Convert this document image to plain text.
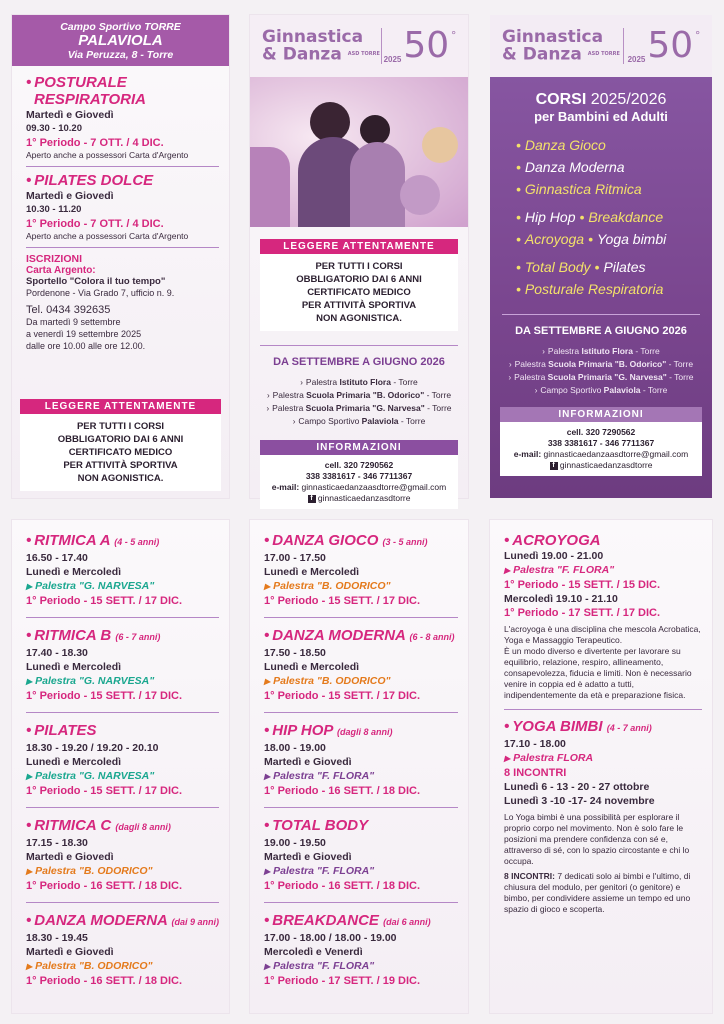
Campo Sportivo TORRE
PALAVIOLA
Via Peruzza, 8 - Torre
• POSTURALE
RESPIRATORIA
Martedì e Giovedì
09.30 - 10.20
1° Periodo - 7 OTT. / 4 DIC.
Aperto anche a possessori Carta d'Argento
• PILATES DOLCE
Martedì e Giovedì
10.30 - 11.20
1° Periodo - 7 OTT. / 4 DIC.
Aperto anche a possessori Carta d'Argento
ISCRIZIONI
Carta Argento:
Sportello "Colora il tuo tempo"
Pordenone - Via Grado 7, ufficio n. 9.
Tel. 0434 392635
Da martedì 9 settembre
a venerdì 19 settembre 2025
dalle ore 10.00 alle ore 12.00.
LEGGERE ATTENTAMENTE
PER TUTTI I CORSI
OBBLIGATORIO DAI 6 ANNI
CERTIFICATO MEDICO
PER ATTIVITÀ SPORTIVA
NON AGONISTICA.
Ginnastica
& Danza ASD TORRE
2025 50 °
LEGGERE ATTENTAMENTE
PER TUTTI I CORSI
OBBLIGATORIO DAI 6 ANNI
CERTIFICATO MEDICO
PER ATTIVITÀ SPORTIVA
NON AGONISTICA.
DA SETTEMBRE A GIUGNO 2026
› Palestra Istituto Flora - Torre
› Palestra Scuola Primaria "B. Odorico" - Torre
› Palestra Scuola Primaria "G. Narvesa" - Torre
› Campo Sportivo Palaviola - Torre
INFORMAZIONI
cell. 320 7290562
338 3381617 - 346 7711367
e-mail: ginnasticaedanzaasdtorre@gmail.com
f ginnasticaedanzasdtorre
Ginnastica
& Danza ASD TORRE
2025 50 °
CORSI 2025/2026
per Bambini ed Adulti
• Danza Gioco
• Danza Moderna
• Ginnastica Ritmica
• Hip Hop • Breakdance
• Acroyoga • Yoga bimbi
• Total Body • Pilates
• Posturale Respiratoria
DA SETTEMBRE A GIUGNO 2026
› Palestra Istituto Flora - Torre
› Palestra Scuola Primaria "B. Odorico" - Torre
› Palestra Scuola Primaria "G. Narvesa" - Torre
› Campo Sportivo Palaviola - Torre
INFORMAZIONI
cell. 320 7290562
338 3381617 - 346 7711367
e-mail: ginnasticaedanzaasdtorre@gmail.com
f ginnasticaedanzasdtorre
• RITMICA A (4 - 5 anni)
16.50 - 17.40
Lunedì e Mercoledì
▶ Palestra "G. NARVESA"
1° Periodo - 15 SETT. / 17 DIC.
• RITMICA B (6 - 7 anni)
17.40 - 18.30
Lunedì e Mercoledì
▶ Palestra "G. NARVESA"
1° Periodo - 15 SETT. / 17 DIC.
• PILATES
18.30 - 19.20 / 19.20 - 20.10
Lunedì e Mercoledì
▶ Palestra "G. NARVESA"
1° Periodo - 15 SETT. / 17 DIC.
• RITMICA C (dagli 8 anni)
17.15 - 18.30
Martedì e Giovedì
▶ Palestra "B. ODORICO"
1° Periodo - 16 SETT. / 18 DIC.
• DANZA MODERNA (dai 9 anni)
18.30 - 19.45
Martedì e Giovedì
▶ Palestra "B. ODORICO"
1° Periodo - 16 SETT. / 18 DIC.
• DANZA GIOCO (3 - 5 anni)
17.00 - 17.50
Lunedì e Mercoledì
▶ Palestra "B. ODORICO"
1° Periodo - 15 SETT. / 17 DIC.
• DANZA MODERNA (6 - 8 anni)
17.50 - 18.50
Lunedì e Mercoledì
▶ Palestra "B. ODORICO"
1° Periodo - 15 SETT. / 17 DIC.
• HIP HOP (dagli 8 anni)
18.00 - 19.00
Martedì e Giovedì
▶ Palestra "F. FLORA"
1° Periodo - 16 SETT. / 18 DIC.
• TOTAL BODY
19.00 - 19.50
Martedì e Giovedì
▶ Palestra "F. FLORA"
1° Periodo - 16 SETT. / 18 DIC.
• BREAKDANCE (dai 6 anni)
17.00 - 18.00 / 18.00 - 19.00
Mercoledì e Venerdì
▶ Palestra "F. FLORA"
1° Periodo - 17 SETT. / 19 DIC.
• ACROYOGA
Lunedì 19.00 - 21.00
▶ Palestra "F. FLORA"
1° Periodo - 15 SETT. / 15 DIC.
Mercoledì 19.10 - 21.10
1° Periodo - 17 SETT. / 17 DIC.
L'acroyoga è una disciplina che mescola Acrobatica, Yoga e Massaggio Terapeutico.
È un modo diverso e divertente per lavorare su equilibrio, relazione, respiro, allineamento, consapevolezza, fiducia e limiti. Non è necessario venire in coppia ed è adatto a tutti, indipendentemente da età e preparazione fisica.
• YOGA BIMBI (4 - 7 anni)
17.10 - 18.00
▶ Palestra FLORA
8 INCONTRI
Lunedì 6 - 13 - 20 - 27 ottobre
Lunedì 3 -10 -17- 24 novembre
Lo Yoga bimbi è una possibilità per esplorare il proprio corpo nel movimento. Non è solo fare le posizioni ma prendere confidenza con sé e, attraverso di sé, con lo spazio circostante e chi lo occupa.
8 INCONTRI: 7 dedicati solo ai bimbi e l'ultimo, di chiusura del modulo, per genitori (o genitore) e bimbo, per condividere assieme un tempo ed uno spazio di gioco e scoperta.
